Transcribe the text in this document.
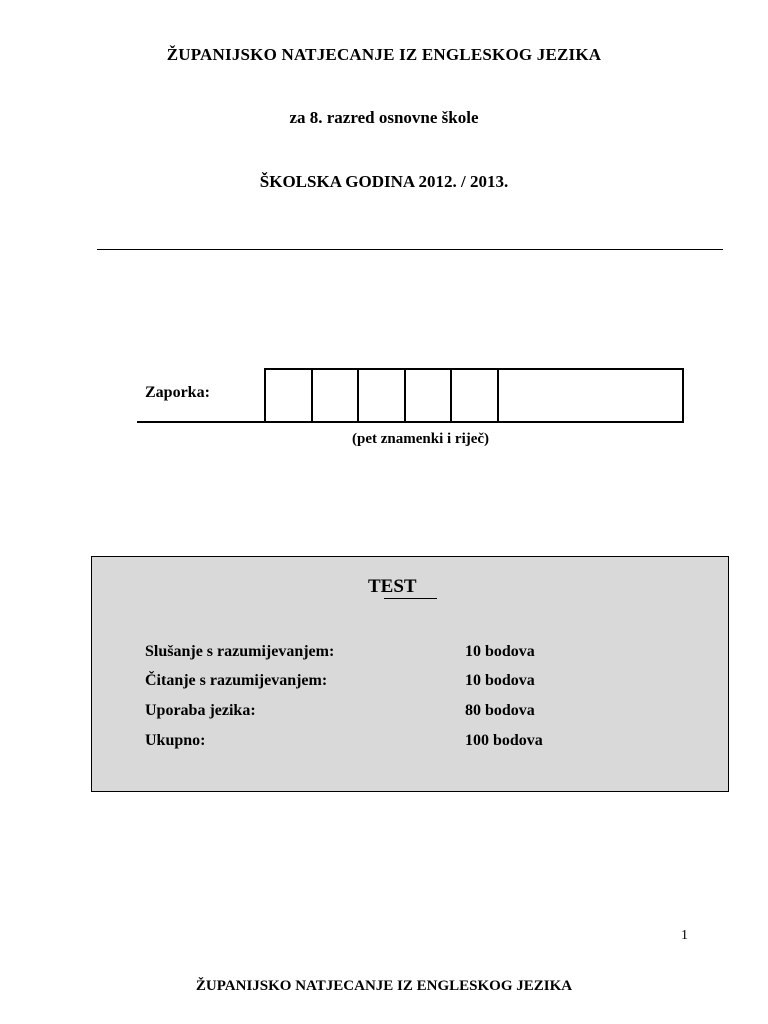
ŽUPANIJSKO NATJECANJE IZ ENGLESKOG JEZIKA
za 8. razred osnovne škole
ŠKOLSKA GODINA 2012. / 2013.
Zaporka:
(pet znamenki i riječ)
TEST
Slušanje s razumijevanjem:	10 bodova
Čitanje s razumijevanjem:	10 bodova
Uporaba jezika:	80 bodova
Ukupno:	100 bodova
1
ŽUPANIJSKO NATJECANJE IZ ENGLESKOG JEZIKA
